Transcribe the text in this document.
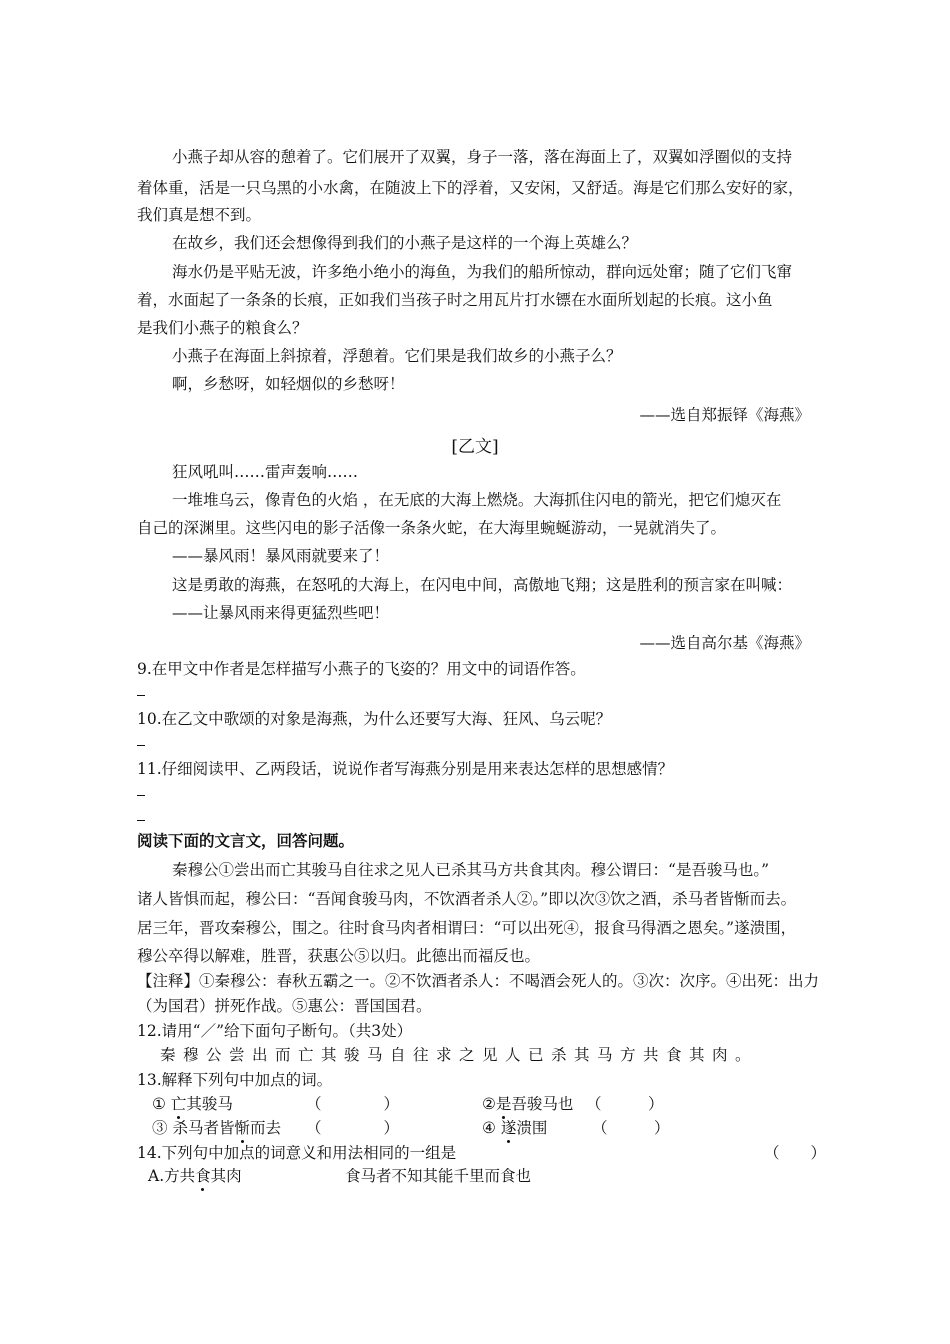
小燕子却从容的憩着了。它们展开了双翼，身子一落，落在海面上了，双翼如浮圈似的支持
着体重，活是一只乌黑的小水禽，在随波上下的浮着，又安闲，又舒适。海是它们那么安好的家，
我们真是想不到。
在故乡，我们还会想像得到我们的小燕子是这样的一个海上英雄么？
海水仍是平贴无波，许多绝小绝小的海鱼，为我们的船所惊动，群向远处窜；随了它们飞窜
着，水面起了一条条的长痕，正如我们当孩子时之用瓦片打水镖在水面所划起的长痕。这小鱼
是我们小燕子的粮食么？
小燕子在海面上斜掠着，浮憩着。它们果是我们故乡的小燕子么？
啊，乡愁呀，如轻烟似的乡愁呀！
——选自郑振铎《海燕》
[乙文]
狂风吼叫……雷声轰响……
一堆堆乌云，像青色的火焰 ，在无底的大海上燃烧。大海抓住闪电的箭光，把它们熄灭在
自己的深渊里。这些闪电的影子活像一条条火蛇，在大海里蜿蜒游动，一晃就消失了。
——暴风雨！暴风雨就要来了！
这是勇敢的海燕，在怒吼的大海上，在闪电中间，高傲地飞翔；这是胜利的预言家在叫喊：
——让暴风雨来得更猛烈些吧！
——选自高尔基《海燕》
9.在甲文中作者是怎样描写小燕子的飞姿的？用文中的词语作答。
10.在乙文中歌颂的对象是海燕，为什么还要写大海、狂风、乌云呢？
11.仔细阅读甲、乙两段话，说说作者写海燕分别是用来表达怎样的思想感情？
阅读下面的文言文，回答问题。
秦穆公①尝出而亡其骏马自往求之见人已杀其马方共食其肉。穆公谓曰：“是吾骏马也。”
诸人皆惧而起，穆公曰：“吾闻食骏马肉，不饮酒者杀人②。”即以次③饮之酒，杀马者皆惭而去。
居三年，晋攻秦穆公，围之。往时食马肉者相谓曰：“可以出死④，报食马得酒之恩矣。”遂溃围，
穆公卒得以解难，胜晋，获惠公⑤以归。此德出而福反也。
【注释】①秦穆公：春秋五霸之一。②不饮酒者杀人：不喝酒会死人的。③次：次序。④出死：出力
（为国君）拼死作战。⑤惠公：晋国国君。
12.请用“／”给下面句子断句。（共3处）
秦穆公尝出而亡其骏马自往求之见人已杀其马方共食其肉。
13.解释下列句中加点的词。
① 亡其骏马	（　　　　）	②是吾骏马也 （　　　）
③ 杀马者皆惭而去 （　　　　）	④ 遂溃围	（　　　）
14.下列句中加点的词意义和用法相同的一组是	（　　）
A.方共食其肉	食马者不知其能千里而食也
